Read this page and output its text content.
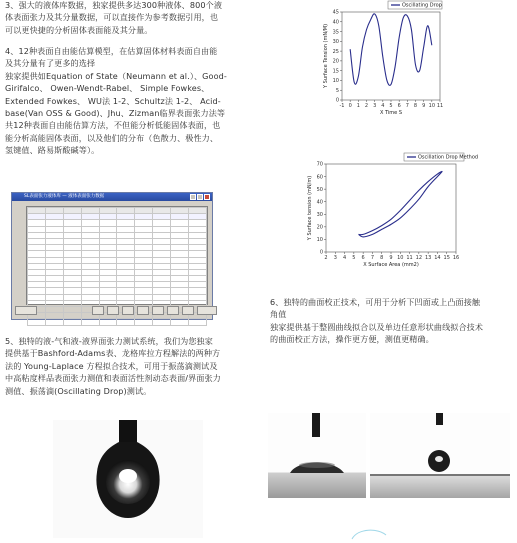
3、强大的液体库数据，独家提供多达300种液体、800个液

体表面张力及其分量数据，可以直接作为参考数据引用，也

可以更快捷的分析固体表面能及其分量。

4、12种表面自由能估算模型，在估算固体材料表面自由能

及其分量有了更多的选择

独家提供如Equation of State（Neumann et al.）、Good-

Girifalco、 Owen-Wendt-Rabel、 Simple Fowkes、

Extended Fowkes、 WU法 1-2、Schultz法 1-2、 Acid-

base(Van OSS & Good)、Jhu、Zizman临界表面张力法等

共12种表面自由能估算方法，不但能分析低能固体表面，也

能分析高能固体表面，以及他们的分布（色散力、极性力、

氢键值、路易斯酸碱等）。

SL表面张力液体库 — 液体表面张力数据

-1 0 1 2 3 4 5 6 7 8 9 10 11
0
5
10
15
20
25
30
35
40
45
X Time S
Y Surface Tension (mN/M)
Oscillating Drop
2 3 4 5 6 7 8 9 10 11 12 13 14 15 16
0
10
20
30
40
50
60
70
X Surface Area (mm2)
Y Surface tension (mN/m)
Oscillation Drop Method

6、独特的曲面校正技术，可用于分析下凹面或上凸面接触

角值

独家提供基于整圆曲线拟合以及单边任意形状曲线拟合技术

的曲面校正方法，操作更方便，测值更精确。

5、独特的液-气和液-液界面张力测试系统，我们为您独家

提供基于Bashford-Adams表、龙格库拉方程解法的两种方

法的 Young-Laplace 方程拟合技术，可用于振荡滴测试及

中高粘度样品表面张力测值和表面活性剂动态表面/界面张力

测值、振荡滴(Oscillating Drop)测试。
